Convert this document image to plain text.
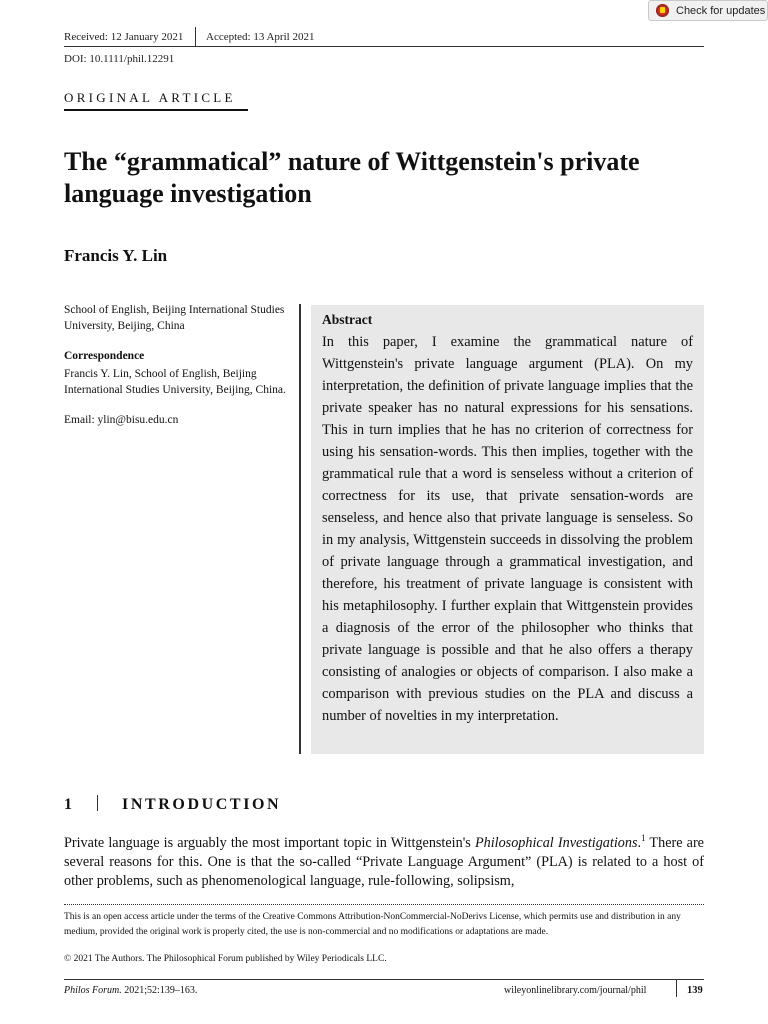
Check for updates
Received: 12 January 2021 Accepted: 13 April 2021
DOI: 10.1111/phil.12291
ORIGINAL ARTICLE
The “grammatical” nature of Wittgenstein's private language investigation
Francis Y. Lin
School of English, Beijing International Studies University, Beijing, China
Correspondence
Francis Y. Lin, School of English, Beijing International Studies University, Beijing, China.
Email: ylin@bisu.edu.cn
Abstract
In this paper, I examine the grammatical nature of Wittgenstein's private language argument (PLA). On my interpretation, the definition of private language implies that the private speaker has no natural expressions for his sensations. This in turn implies that he has no criterion of correctness for using his sensation-words. This then implies, together with the grammatical rule that a word is senseless without a criterion of correctness for its use, that private sensation-words are senseless, and hence also that private language is senseless. So in my analysis, Wittgenstein succeeds in dissolving the problem of private language through a grammatical investigation, and therefore, his treatment of private language is consistent with his metaphilosophy. I further explain that Wittgenstein provides a diagnosis of the error of the philosopher who thinks that private language is possible and that he also offers a therapy consisting of analogies or objects of comparison. I also make a comparison with previous studies on the PLA and discuss a number of novelties in my interpretation.
1	INTRODUCTION
Private language is arguably the most important topic in Wittgenstein's Philosophical Investigations.$^1$ There are several reasons for this. One is that the so-called “Private Language Argument” (PLA) is related to a host of other problems, such as phenomenological language, rule-following, solipsism,
This is an open access article under the terms of the Creative Commons Attribution-NonCommercial-NoDerivs License, which permits use and distribution in any medium, provided the original work is properly cited, the use is non-commercial and no modifications or adaptations are made.
© 2021 The Authors. The Philosophical Forum published by Wiley Periodicals LLC.
Philos Forum. 2021;52:139–163.	wileyonlinelibrary.com/journal/phil	139
